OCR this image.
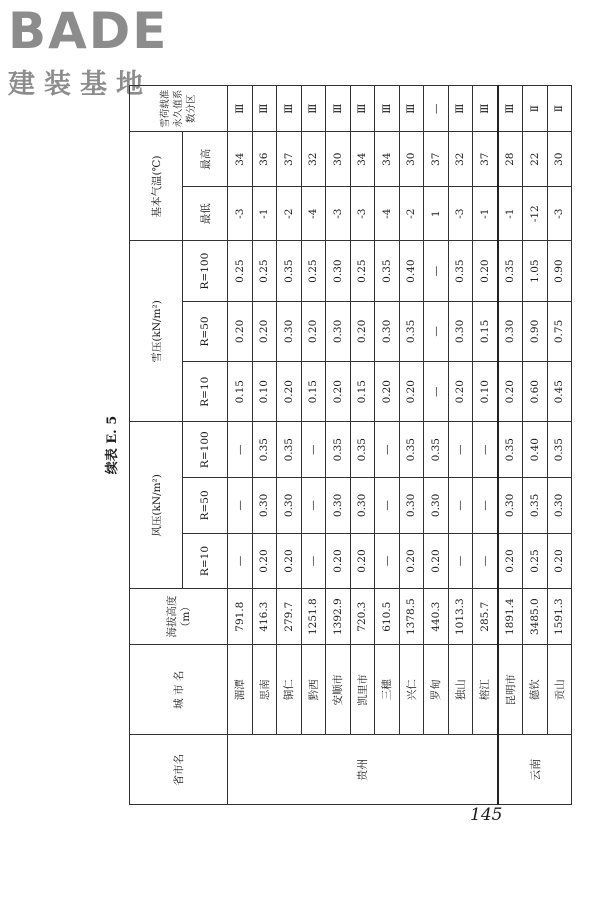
BADE
建装基地
续表 E. 5
省市名	城 市 名	海拔高度（m）	风压(kN/m²)			雪压(kN/m²)			基本气温(℃)		雪荷载准永久值系数分区
			R=10	R=50	R=100	R=10	R=50	R=100	最低	最高	
贵州	湄潭	791.8	—	—	—	0.15	0.20	0.25	-3	34	Ⅲ
	思南	416.3	0.20	0.30	0.35	0.10	0.20	0.25	-1	36	Ⅲ
	铜仁	279.7	0.20	0.30	0.35	0.20	0.30	0.35	-2	37	Ⅲ
	黔西	1251.8	—	—	—	0.15	0.20	0.25	-4	32	Ⅲ
	安顺市	1392.9	0.20	0.30	0.35	0.20	0.30	0.30	-3	30	Ⅲ
	凯里市	720.3	0.20	0.30	0.35	0.15	0.20	0.25	-3	34	Ⅲ
	三穗	610.5	—	—	—	0.20	0.30	0.35	-4	34	Ⅲ
	兴仁	1378.5	0.20	0.30	0.35	0.20	0.35	0.40	-2	30	Ⅲ
	罗甸	440.3	0.20	0.30	0.35	—	—	—	1	37	—
	独山	1013.3	—	—	—	0.20	0.30	0.35	-3	32	Ⅲ
	榕江	285.7	—	—	—	0.10	0.15	0.20	-1	37	Ⅲ
云南	昆明市	1891.4	0.20	0.30	0.35	0.20	0.30	0.35	-1	28	Ⅲ
	德钦	3485.0	0.25	0.35	0.40	0.60	0.90	1.05	-12	22	Ⅱ
	贡山	1591.3	0.20	0.30	0.35	0.45	0.75	0.90	-3	30	Ⅱ
145
